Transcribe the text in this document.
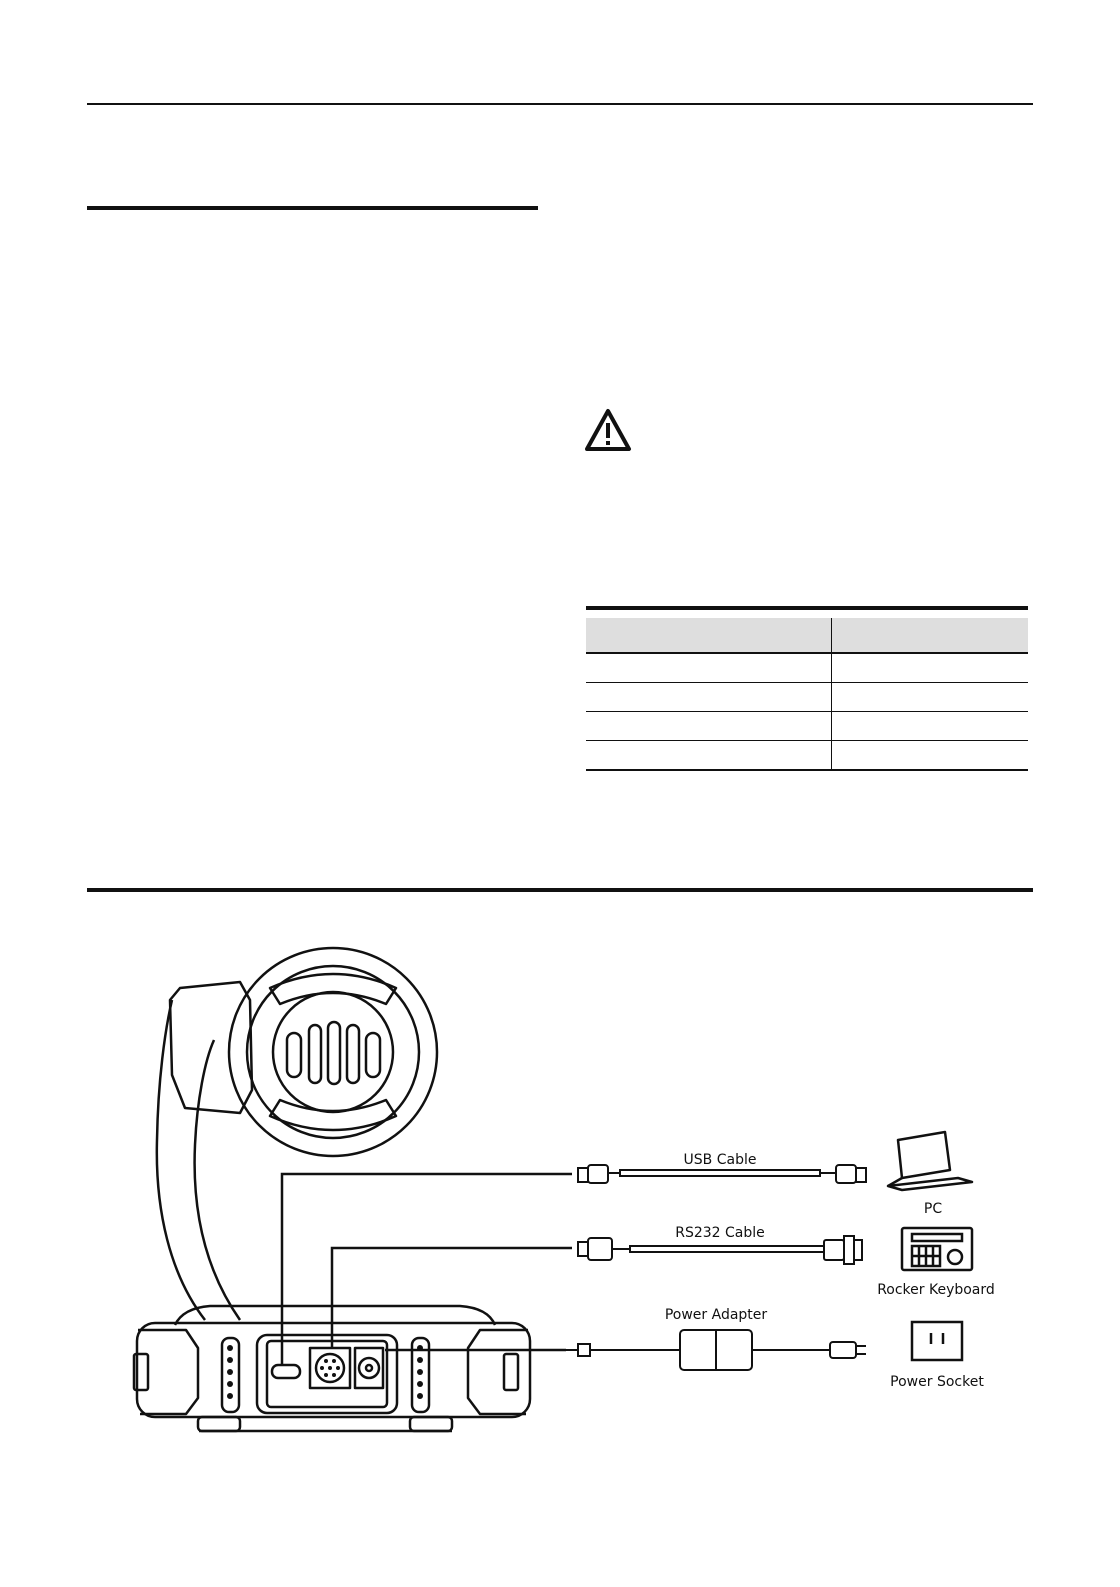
USB Cable
RS232 Cable
Power Adapter
PC
Rocker Keyboard
Power Socket
